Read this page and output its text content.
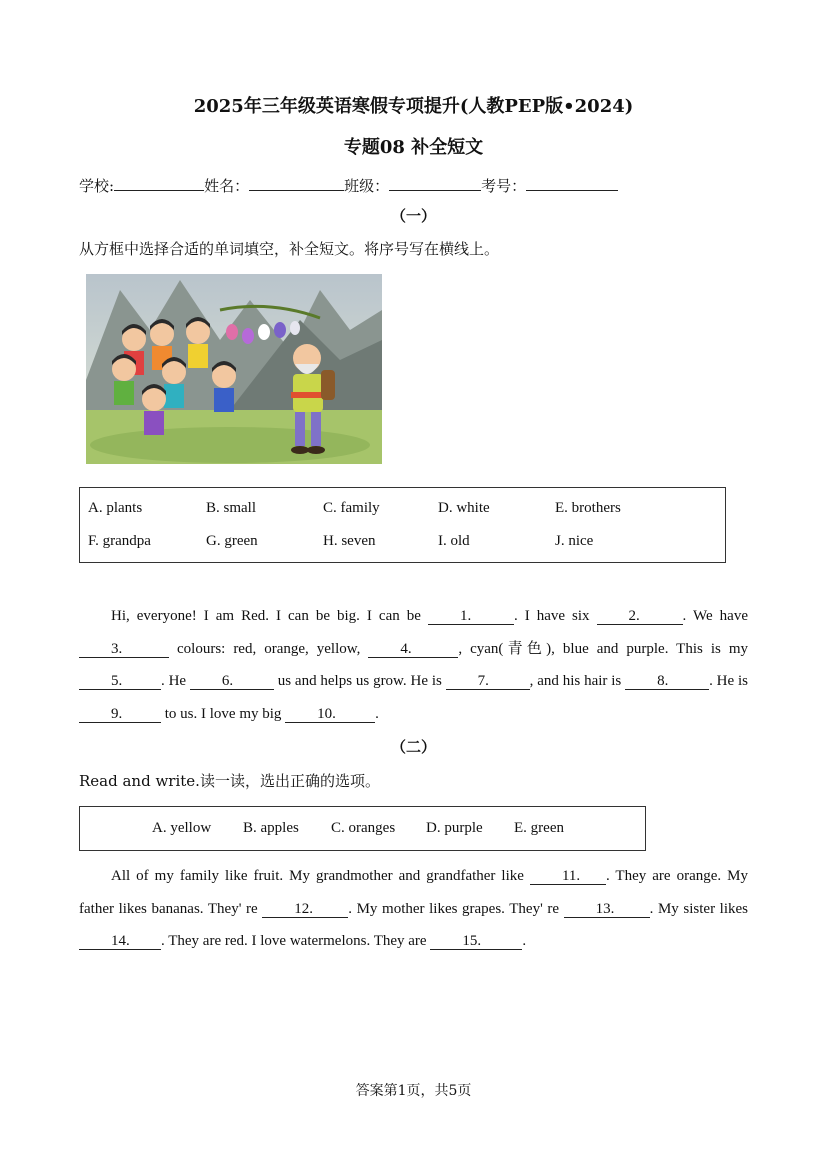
2025年三年级英语寒假专项提升(人教PEP版•2024)
专题08 补全短文
学校:	姓名：	班级：	考号：
（一）
从方框中选择合适的单词填空，补全短文。将序号写在横线上。
A. plants	B. small	C. family	D. white	E. brothers
F. grandpa	G. green	H. seven	I. old	J. nice

Hi, everyone! I am Red. I can be big. I can be 1.	. I have six 2.	. We have 3.	colours: red, orange, yellow, 4.	, cyan(青色), blue and purple. This is my 5.	. He 6.	us and helps us grow. He is 7.	, and his hair is 8.	. He is 9.	to us. I love my big 10.	.

（二）
Read and write.读一读，选出正确的选项。
A. yellow B. apples C. oranges D. purple E. green

All of my family like fruit. My grandmother and grandfather like 11. . They are orange. My father likes bananas. They' re 12. . My mother likes grapes. They' re 13. . My sister likes 14. . They are red. I love watermelons. They are 15.	.

答案第1页，共5页
